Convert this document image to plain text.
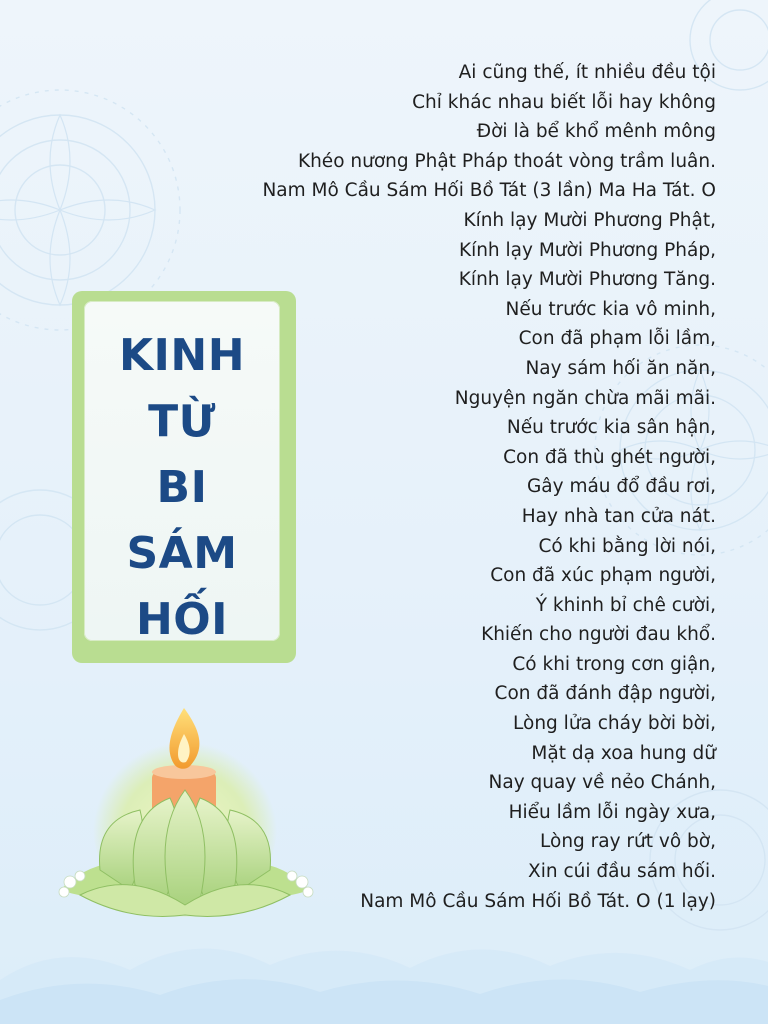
KINH
TỪ
BI
SÁM
HỐI
Ai cũng thế, ít nhiều đều tội
Chỉ khác nhau biết lỗi hay không
Đời là bể khổ mênh mông
Khéo nương Phật Pháp thoát vòng trầm luân.
Nam Mô Cầu Sám Hối Bồ Tát (3 lần) Ma Ha Tát. O
Kính lạy Mười Phương Phật,
Kính lạy Mười Phương Pháp,
Kính lạy Mười Phương Tăng.
Nếu trước kia vô minh,
Con đã phạm lỗi lầm,
Nay sám hối ăn năn,
Nguyện ngăn chừa mãi mãi.
Nếu trước kia sân hận,
Con đã thù ghét người,
Gây máu đổ đầu rơi,
Hay nhà tan cửa nát.
Có khi bằng lời nói,
Con đã xúc phạm người,
Ý khinh bỉ chê cười,
Khiến cho người đau khổ.
Có khi trong cơn giận,
Con đã đánh đập người,
Lòng lửa cháy bời bời,
Mặt dạ xoa hung dữ
Nay quay về nẻo Chánh,
Hiểu lầm lỗi ngày xưa,
Lòng ray rứt vô bờ,
Xin cúi đầu sám hối.
Nam Mô Cầu Sám Hối Bồ Tát. O (1 lạy)
